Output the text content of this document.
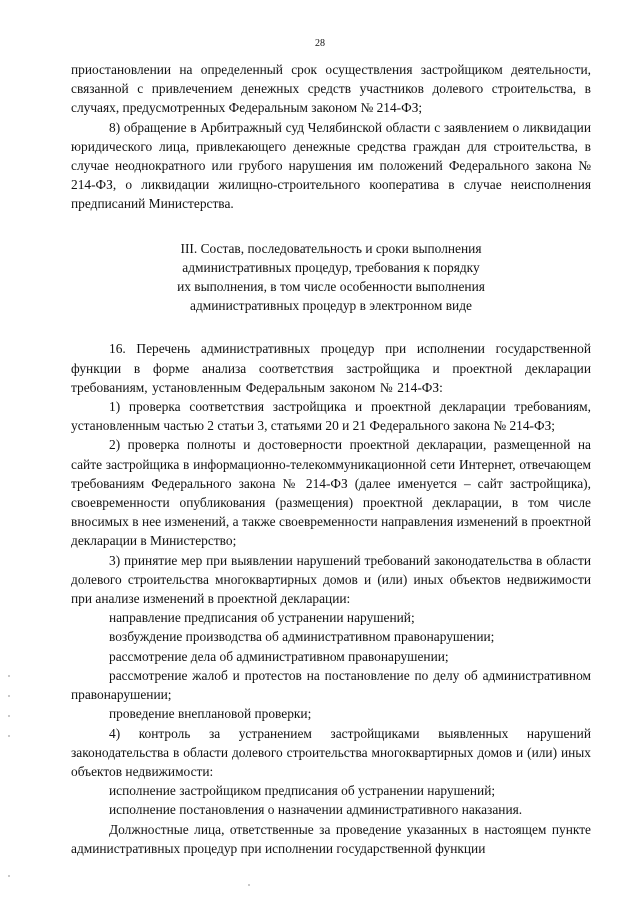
28

приостановлении на определенный срок осуществления застройщиком деятельности, связанной с привлечением денежных средств участников долевого строительства, в случаях, предусмотренных Федеральным законом № 214-ФЗ;

8) обращение в Арбитражный суд Челябинской области с заявлением о ликвидации юридического лица, привлекающего денежные средства граждан для строительства, в случае неоднократного или грубого нарушения им положений Федерального закона № 214-ФЗ, о ликвидации жилищно-строительного кооператива в случае неисполнения предписаний Министерства.

III. Состав, последовательность и сроки выполнения
административных процедур, требования к порядку
их выполнения, в том числе особенности выполнения
административных процедур в электронном виде

16. Перечень административных процедур при исполнении государственной функции в форме анализа соответствия застройщика и проектной декларации требованиям, установленным Федеральным законом № 214-ФЗ:

1) проверка соответствия застройщика и проектной декларации требованиям, установленным частью 2 статьи 3, статьями 20 и 21 Федерального закона № 214-ФЗ;

2) проверка полноты и достоверности проектной декларации, размещенной на сайте застройщика в информационно-телекоммуникационной сети Интернет, отвечающем требованиям Федерального закона № 214-ФЗ (далее именуется – сайт застройщика), своевременности опубликования (размещения) проектной декларации, в том числе вносимых в нее изменений, а также своевременности направления изменений в проектной декларации в Министерство;

3) принятие мер при выявлении нарушений требований законодательства в области долевого строительства многоквартирных домов и (или) иных объектов недвижимости при анализе изменений в проектной декларации:

направление предписания об устранении нарушений;

возбуждение производства об административном правонарушении;

рассмотрение дела об административном правонарушении;

рассмотрение жалоб и протестов на постановление по делу об административном правонарушении;

проведение внеплановой проверки;

4) контроль за устранением застройщиками выявленных нарушений законодательства в области долевого строительства многоквартирных домов и (или) иных объектов недвижимости:

исполнение застройщиком предписания об устранении нарушений;

исполнение постановления о назначении административного наказания.

Должностные лица, ответственные за проведение указанных в настоящем пункте административных процедур при исполнении государственной функции
